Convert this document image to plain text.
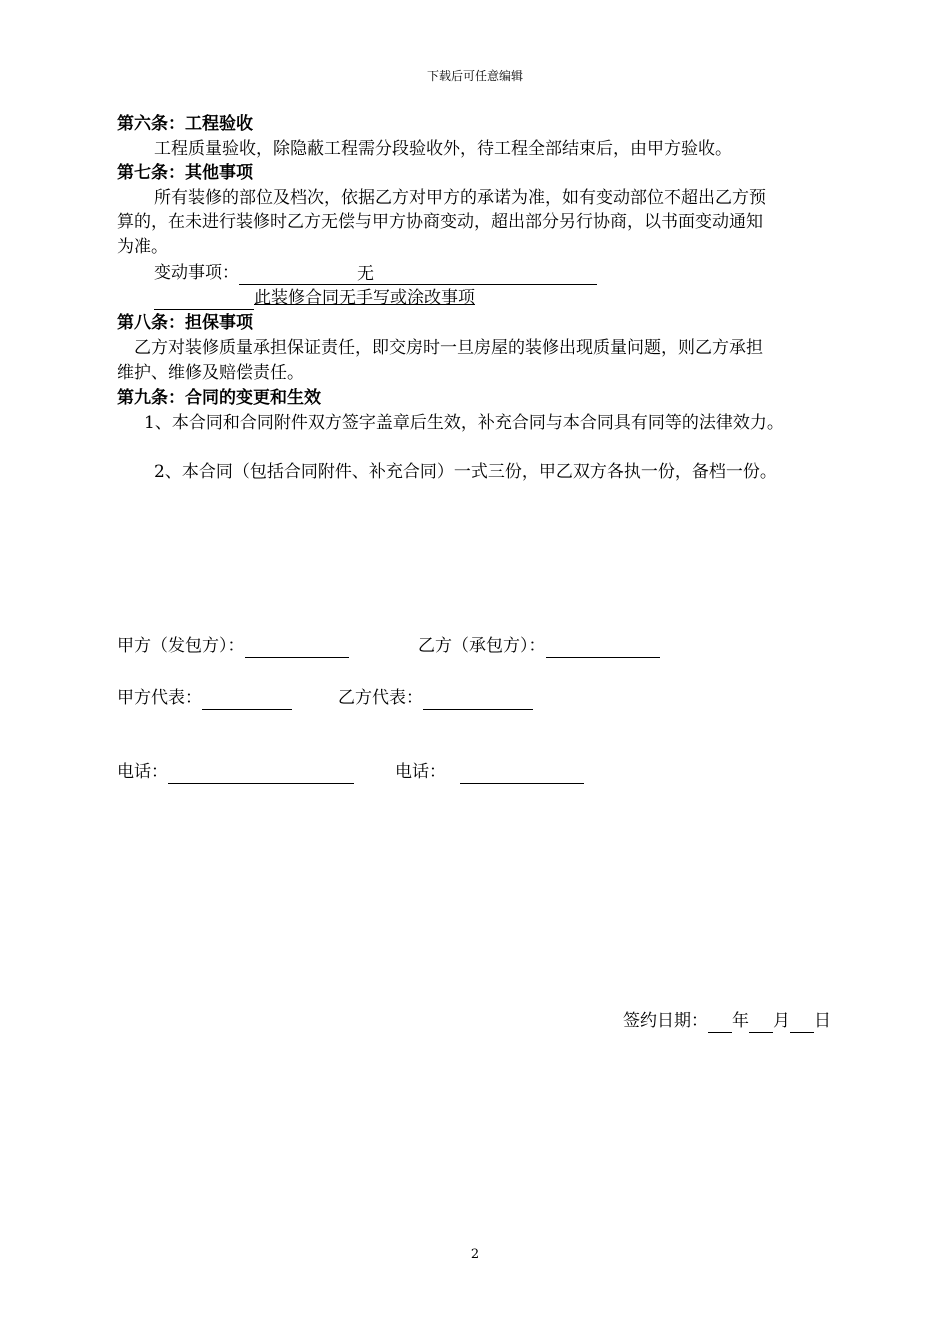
下载后可任意编辑
第六条：工程验收
工程质量验收，除隐蔽工程需分段验收外，待工程全部结束后，由甲方验收。
第七条：其他事项
所有装修的部位及档次，依据乙方对甲方的承诺为准，如有变动部位不超出乙方预
算的，在未进行装修时乙方无偿与甲方协商变动，超出部分另行协商，以书面变动通知
为准。
变动事项：	无
此装修合同无手写或涂改事项
第八条：担保事项
乙方对装修质量承担保证责任，即交房时一旦房屋的装修出现质量问题，则乙方承担
维护、维修及赔偿责任。
第九条：合同的变更和生效
1、本合同和合同附件双方签字盖章后生效，补充合同与本合同具有同等的法律效力。
2、本合同（包括合同附件、补充合同）一式三份，甲乙双方各执一份，备档一份。
甲方（发包方）：	乙方（承包方）：
甲方代表：	乙方代表：
电话：	电话：
签约日期： 年 月 日
2
